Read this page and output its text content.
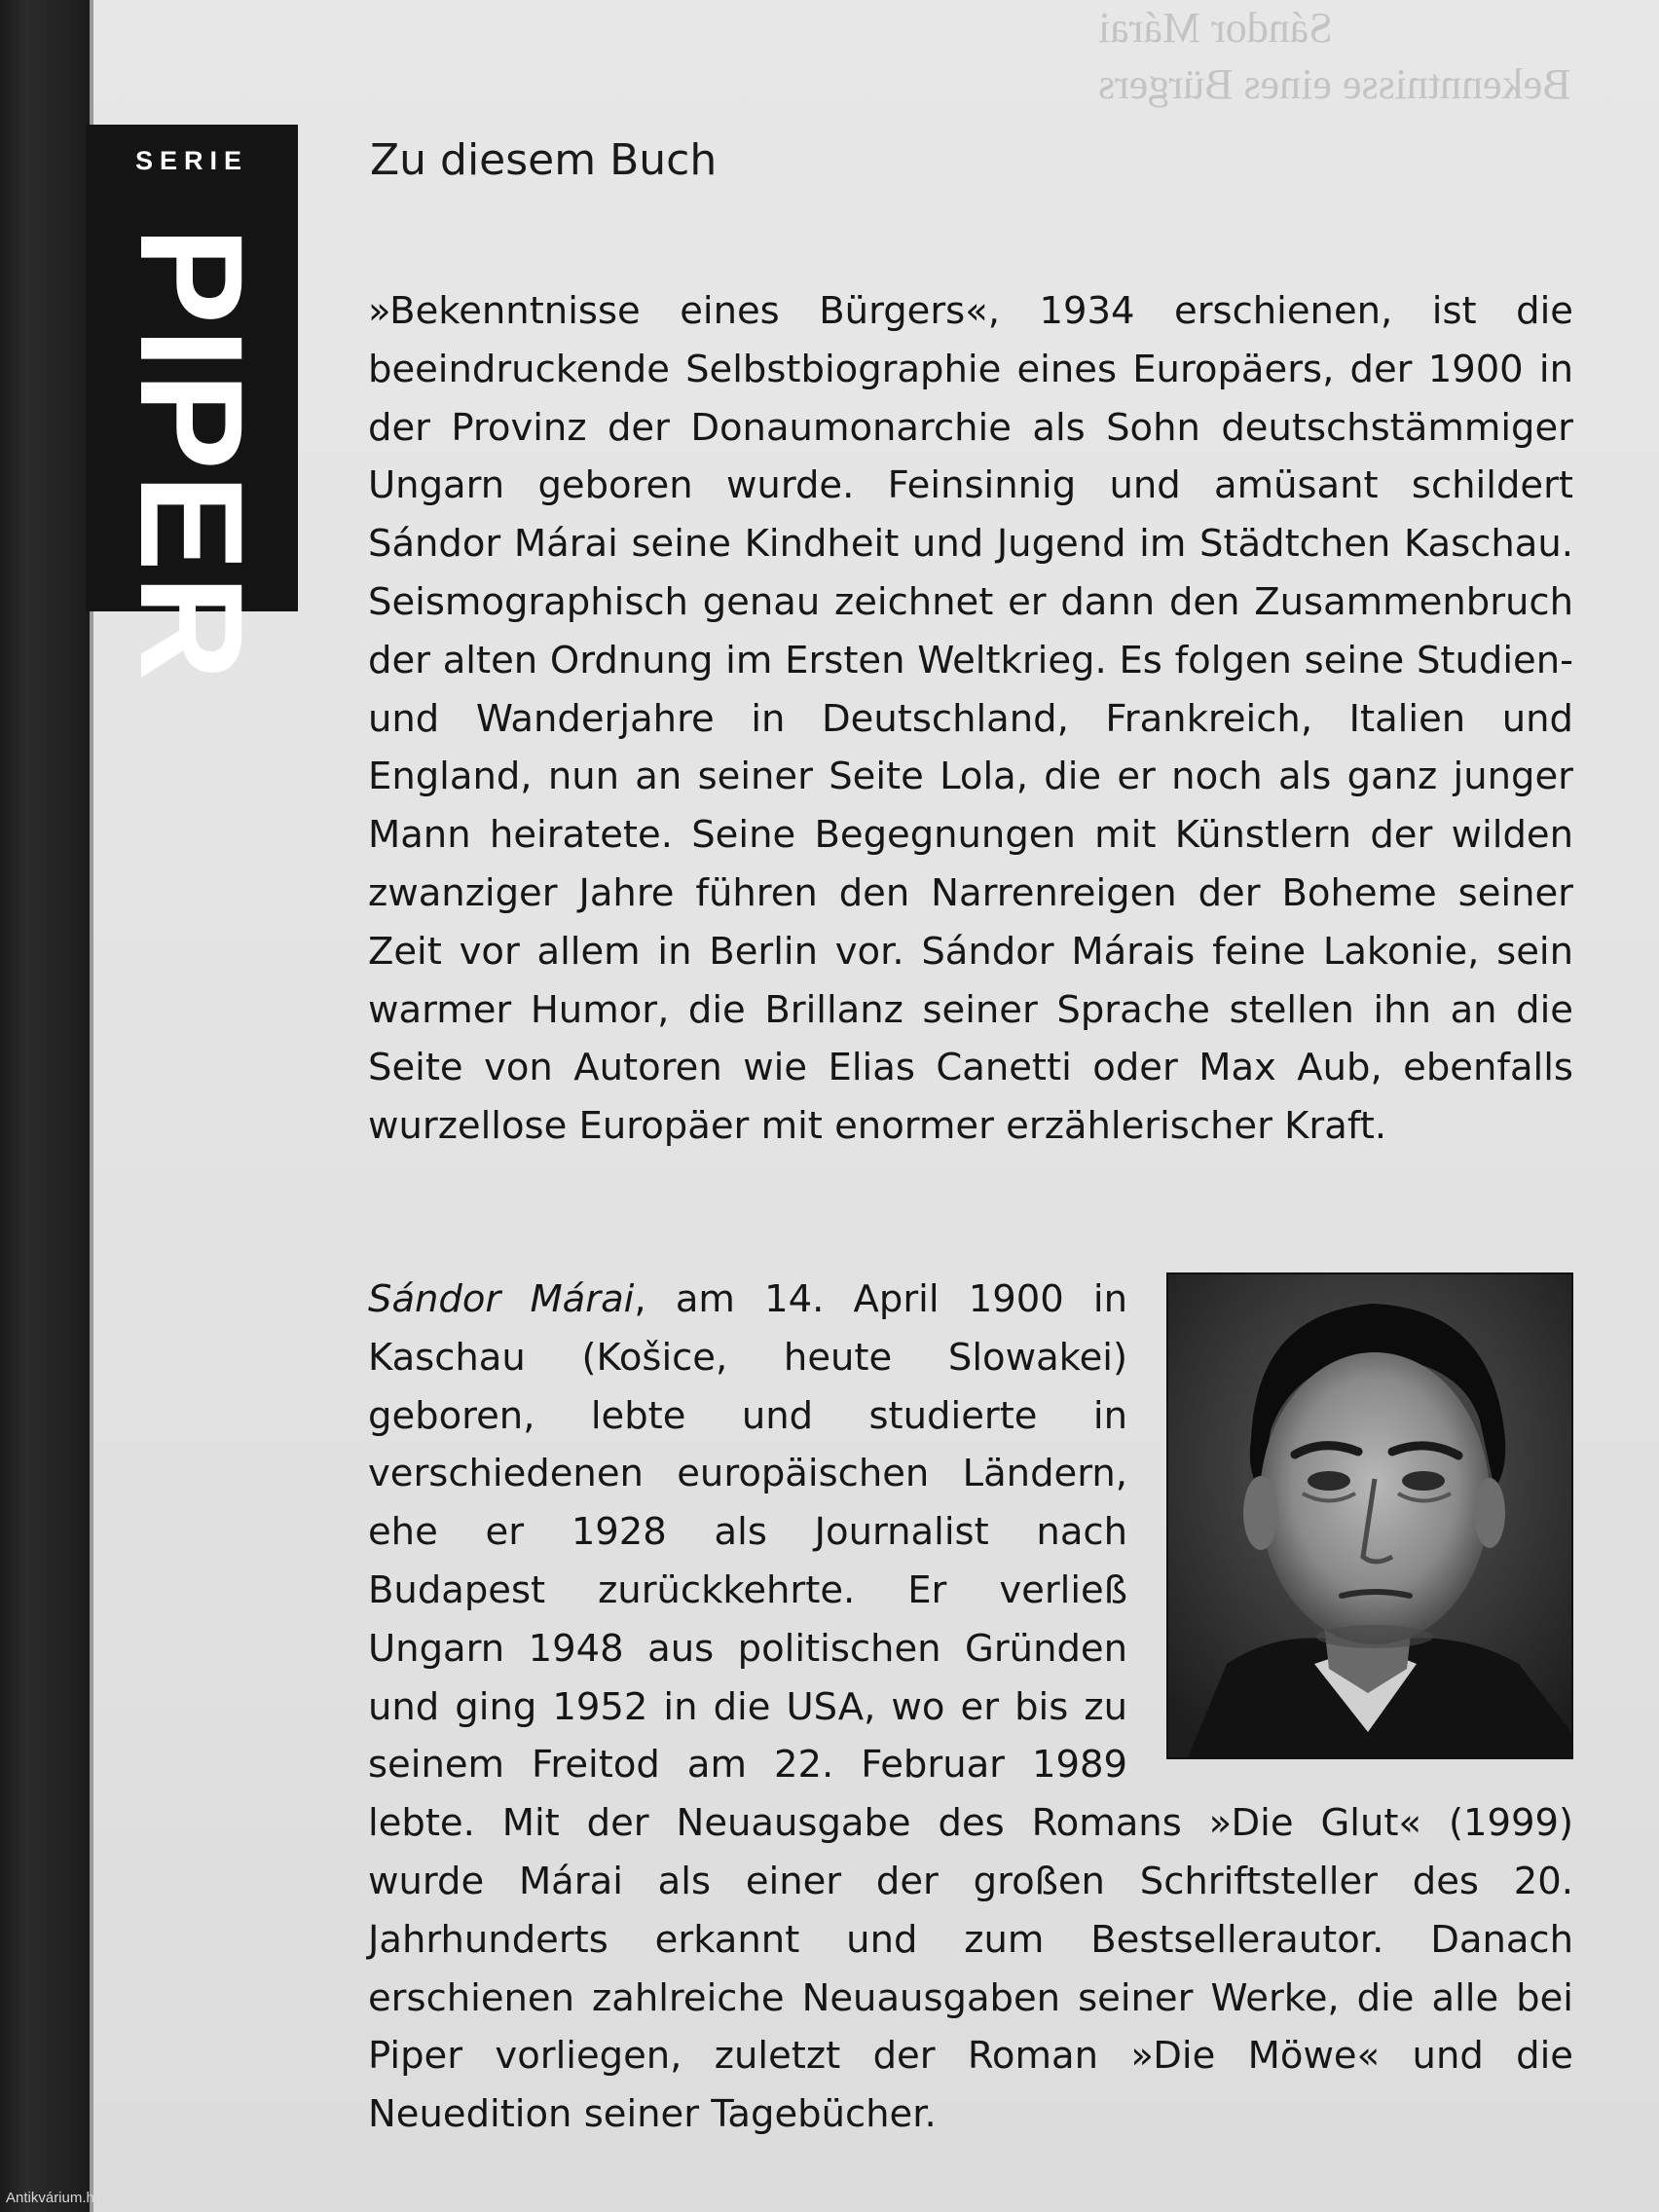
Sándor Márai
Bekenntnisse eines Bürgers
SERIE
PIPER
Zu diesem Buch

»Bekenntnisse eines Bürgers«, 1934 erschienen, ist die beeindruckende Selbstbiographie eines Europäers, der 1900 in der Provinz der Donaumonarchie als Sohn deutschstämmiger Ungarn geboren wurde. Feinsinnig und amüsant schildert Sándor Márai seine Kindheit und Jugend im Städtchen Kaschau. Seismographisch genau zeichnet er dann den Zusammenbruch der alten Ordnung im Ersten Weltkrieg. Es folgen seine Studien- und Wanderjahre in Deutschland, Frankreich, Italien und England, nun an seiner Seite Lola, die er noch als ganz junger Mann heiratete. Seine Begegnungen mit Künstlern der wilden zwanziger Jahre führen den Narrenreigen der Boheme seiner Zeit vor allem in Berlin vor. Sándor Márais feine Lakonie, sein warmer Humor, die Brillanz seiner Sprache stellen ihn an die Seite von Autoren wie Elias Canetti oder Max Aub, ebenfalls wurzellose Europäer mit enormer erzählerischer Kraft.

Sándor Márai, am 14. April 1900 in Kaschau (Košice, heute Slowakei) geboren, lebte und studierte in verschiedenen europäischen Ländern, ehe er 1928 als Journalist nach Budapest zurückkehrte. Er verließ Ungarn 1948 aus politischen Gründen und ging 1952 in die USA, wo er bis zu seinem Freitod am 22. Februar 1989 lebte. Mit der Neuausgabe des Romans »Die Glut« (1999) wurde Márai als einer der großen Schriftsteller des 20. Jahrhunderts erkannt und zum Bestsellerautor. Danach erschienen zahlreiche Neuausgaben seiner Werke, die alle bei Piper vorliegen, zuletzt der Roman »Die Möwe« und die Neuedition seiner Tagebücher.
Antikvárium.hu
